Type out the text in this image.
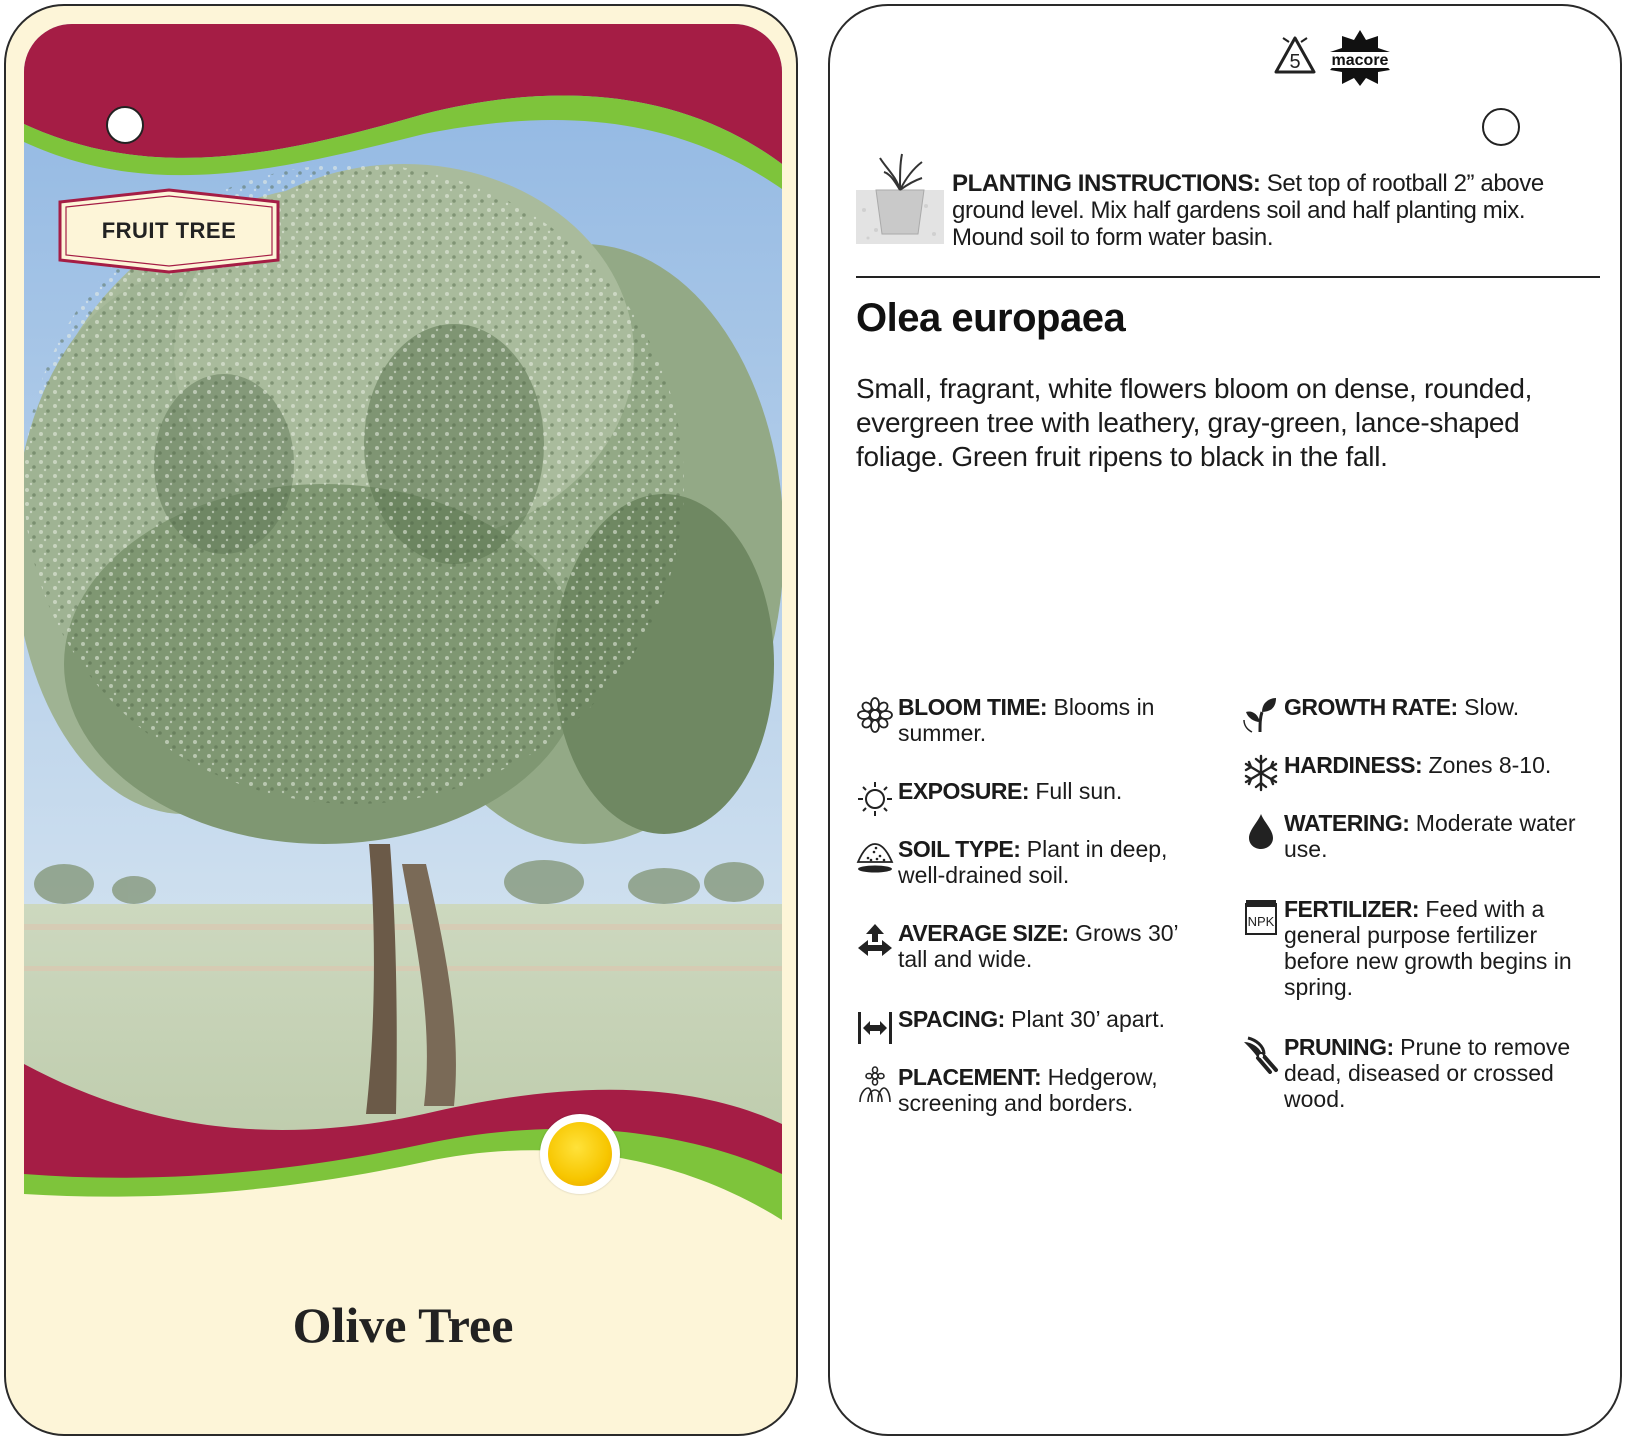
FRUIT TREE
Olive Tree
5 macore
PLANTING INSTRUCTIONS: Set top of rootball 2” above ground level. Mix half gardens soil and half planting mix. Mound soil to form water basin.
Olea europaea
Small, fragrant, white flowers bloom on dense, rounded, evergreen tree with leathery, gray-green, lance-shaped foliage. Green fruit ripens to black in the fall.
BLOOM TIME: Blooms in summer.
EXPOSURE: Full sun.
SOIL TYPE: Plant in deep, well-drained soil.
AVERAGE SIZE: Grows 30’ tall and wide.
SPACING: Plant 30’ apart.
PLACEMENT: Hedgerow, screening and borders.
GROWTH RATE: Slow.
HARDINESS: Zones 8-10.
WATERING: Moderate water use.
NPK FERTILIZER: Feed with a general purpose fertilizer before new growth begins in spring.
PRUNING: Prune to remove dead, diseased or crossed wood.
